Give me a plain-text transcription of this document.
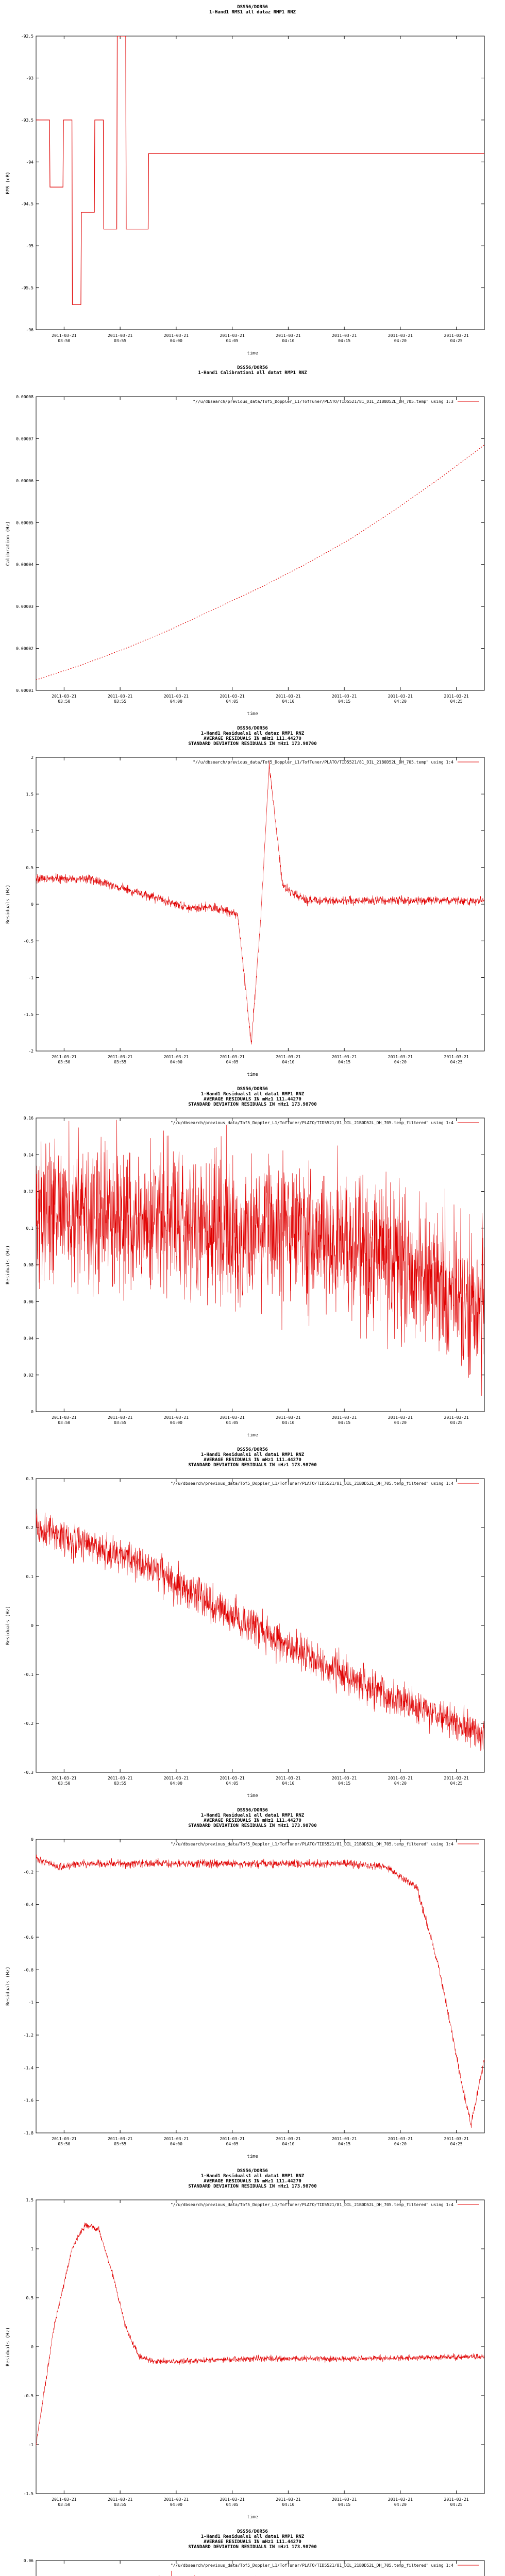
DSS56/DOR56
1-Hand1 RMS1 all dataz RMP1 RNZ
-96
-95.5
-95
-94.5
-94
-93.5
-93
-92.5
2011-03-21 03:50
2011-03-21 03:55
2011-03-21 04:00
2011-03-21 04:05
2011-03-21 04:10
2011-03-21 04:15
2011-03-21 04:20
2011-03-21 04:25
time
RMS (dB)
DSS56/DOR56
1-Hand1 Calibration1 all datat RMP1 RNZ
0.00001
0.00002
0.00003
0.00004
0.00005
0.00006
0.00007
0.00008
2011-03-21 03:50
2011-03-21 03:55
2011-03-21 04:00
2011-03-21 04:05
2011-03-21 04:10
2011-03-21 04:15
2011-03-21 04:20
2011-03-21 04:25
time
Calibration (Hz)
"//u/dbsearch/previous_data/Tof5_Doppler_L1/TofTuner/PLATO/TID5521/81_DIL_21B0D52L_DH_705.temp" using 1:3
DSS56/DOR56
1-Hand1 Residuals1 all dataz RMP1 RNZ
AVERAGE RESIDUALS IN mHz1 111.44270
STANDARD DEVIATION RESIDUALS IN mHz1 173.98700
-2
-1.5
-1
-0.5
0
0.5
1
1.5
2
2011-03-21 03:50
2011-03-21 03:55
2011-03-21 04:00
2011-03-21 04:05
2011-03-21 04:10
2011-03-21 04:15
2011-03-21 04:20
2011-03-21 04:25
time
Residuals (Hz)
"//u/dbsearch/previous_data/Tof5_Doppler_L1/TofTuner/PLATO/TID5521/81_DIL_21B0D52L_DH_705.temp" using 1:4
DSS56/DOR56
1-Hand1 Residuals1 all data1 RMP1 RNZ
AVERAGE RESIDUALS IN mHz1 111.44270
STANDARD DEVIATION RESIDUALS IN mHz1 173.98700
0
0.02
0.04
0.06
0.08
0.1
0.12
0.14
0.16
2011-03-21 03:50
2011-03-21 03:55
2011-03-21 04:00
2011-03-21 04:05
2011-03-21 04:10
2011-03-21 04:15
2011-03-21 04:20
2011-03-21 04:25
time
Residuals (Hz)
"//u/dbsearch/previous_data/Tof5_Doppler_L1/TofTuner/PLATO/TID5521/81_DIL_21B0D52L_DH_705.temp_filtered" using 1:4
DSS56/DOR56
1-Hand1 Residuals1 all data1 RMP1 RNZ
AVERAGE RESIDUALS IN mHz1 111.44270
STANDARD DEVIATION RESIDUALS IN mHz1 173.98700
-0.3
-0.2
-0.1
0
0.1
0.2
0.3
2011-03-21 03:50
2011-03-21 03:55
2011-03-21 04:00
2011-03-21 04:05
2011-03-21 04:10
2011-03-21 04:15
2011-03-21 04:20
2011-03-21 04:25
time
Residuals (Hz)
"//u/dbsearch/previous_data/Tof5_Doppler_L1/TofTuner/PLATO/TID5521/81_DIL_21B0D52L_DH_705.temp_filtered" using 1:4
DSS56/DOR56
1-Hand1 Residuals1 all data1 RMP1 RNZ
AVERAGE RESIDUALS IN mHz1 111.44270
STANDARD DEVIATION RESIDUALS IN mHz1 173.98700
-1.8
-1.6
-1.4
-1.2
-1
-0.8
-0.6
-0.4
-0.2
0
2011-03-21 03:50
2011-03-21 03:55
2011-03-21 04:00
2011-03-21 04:05
2011-03-21 04:10
2011-03-21 04:15
2011-03-21 04:20
2011-03-21 04:25
time
Residuals (Hz)
"//u/dbsearch/previous_data/Tof5_Doppler_L1/TofTuner/PLATO/TID5521/81_DIL_21B0D52L_DH_705.temp_filtered" using 1:4
DSS56/DOR56
1-Hand1 Residuals1 all data1 RMP1 RNZ
AVERAGE RESIDUALS IN mHz1 111.44270
STANDARD DEVIATION RESIDUALS IN mHz1 173.98700
-1.5
-1
-0.5
0
0.5
1
1.5
2011-03-21 03:50
2011-03-21 03:55
2011-03-21 04:00
2011-03-21 04:05
2011-03-21 04:10
2011-03-21 04:15
2011-03-21 04:20
2011-03-21 04:25
time
Residuals (Hz)
"//u/dbsearch/previous_data/Tof5_Doppler_L1/TofTuner/PLATO/TID5521/81_DIL_21B0D52L_DH_705.temp_filtered" using 1:4
DSS56/DOR56
1-Hand1 Residuals1 all data1 RMP1 RNZ
AVERAGE RESIDUALS IN mHz1 111.44270
STANDARD DEVIATION RESIDUALS IN mHz1 173.98700
0.06
"//u/dbsearch/previous_data/Tof5_Doppler_L1/TofTuner/PLATO/TID5521/81_DIL_21B0D52L_DH_705.temp_filtered" using 1:4
